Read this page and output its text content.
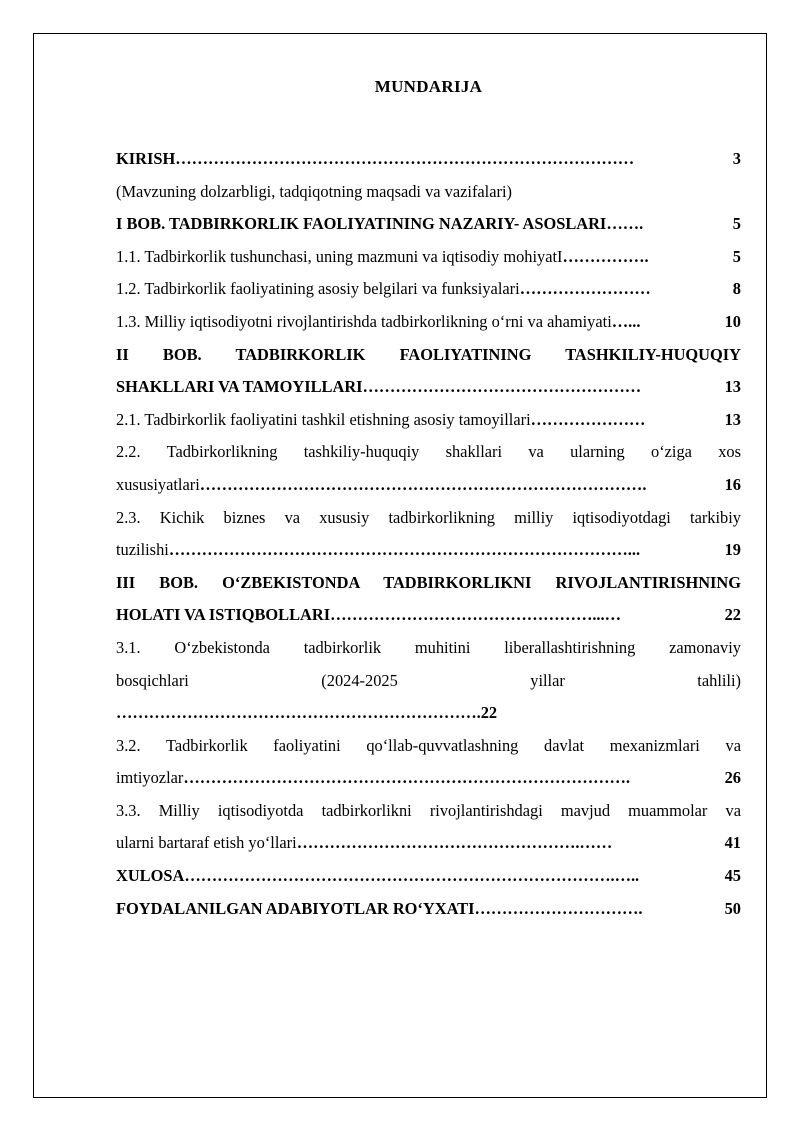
MUNDARIJA
KIRISH …………………………………………………………………………	3
(Mavzuning dolzarbligi, tadqiqotning maqsadi va vazifalari)
I BOB. TADBIRKORLIK FAOLIYATINING NAZARIY- ASOSLARI …….	5
1.1. Tadbirkorlik tushunchasi, uning mazmuni va iqtisodiy mohiyatI …………….	5
1.2. Tadbirkorlik faoliyatining asosiy belgilari va funksiyalari ……………………	8
1.3. Milliy iqtisodiyotni rivojlantirishda tadbirkorlikning o‘rni va ahamiyati …...	10
II BOB. TADBIRKORLIK FAOLIYATINING TASHKILIY-HUQUQIY
SHAKLLARI VA TAMOYILLARI ……………………………………………	13
2.1. Tadbirkorlik faoliyatini tashkil etishning asosiy tamoyillari …………………	13
2.2. Tadbirkorlikning tashkiliy-huquqiy shakllari va ularning o‘ziga xos
xususiyatlari ……………………………………………………………………….	16
2.3. Kichik biznes va xususiy tadbirkorlikning milliy iqtisodiyotdagi tarkibiy
tuzilishi …………………………………………………………………………...	19
III BOB. O‘ZBEKISTONDA TADBIRKORLIKNI RIVOJLANTIRISHNING
HOLATI VA ISTIQBOLLARI …………………………………………...…	22
3.1. O‘zbekistonda tadbirkorlik muhitini liberallashtirishning zamonaviy
bosqichlari (2024-2025 yillar tahlili)
………………………………………………………….22
3.2. Tadbirkorlik faoliyatini qo‘llab-quvvatlashning davlat mexanizmlari va
imtiyozlar ……………………………………………………………………….	26
3.3. Milliy iqtisodiyotda tadbirkorlikni rivojlantirishdagi mavjud muammolar va
ularni bartaraf etish yo‘llari …………………………………………….……	41
XULOSA …………………………………………………………………….…..	45
FOYDALANILGAN ADABIYOTLAR RO‘YXATI ………………………….	50
